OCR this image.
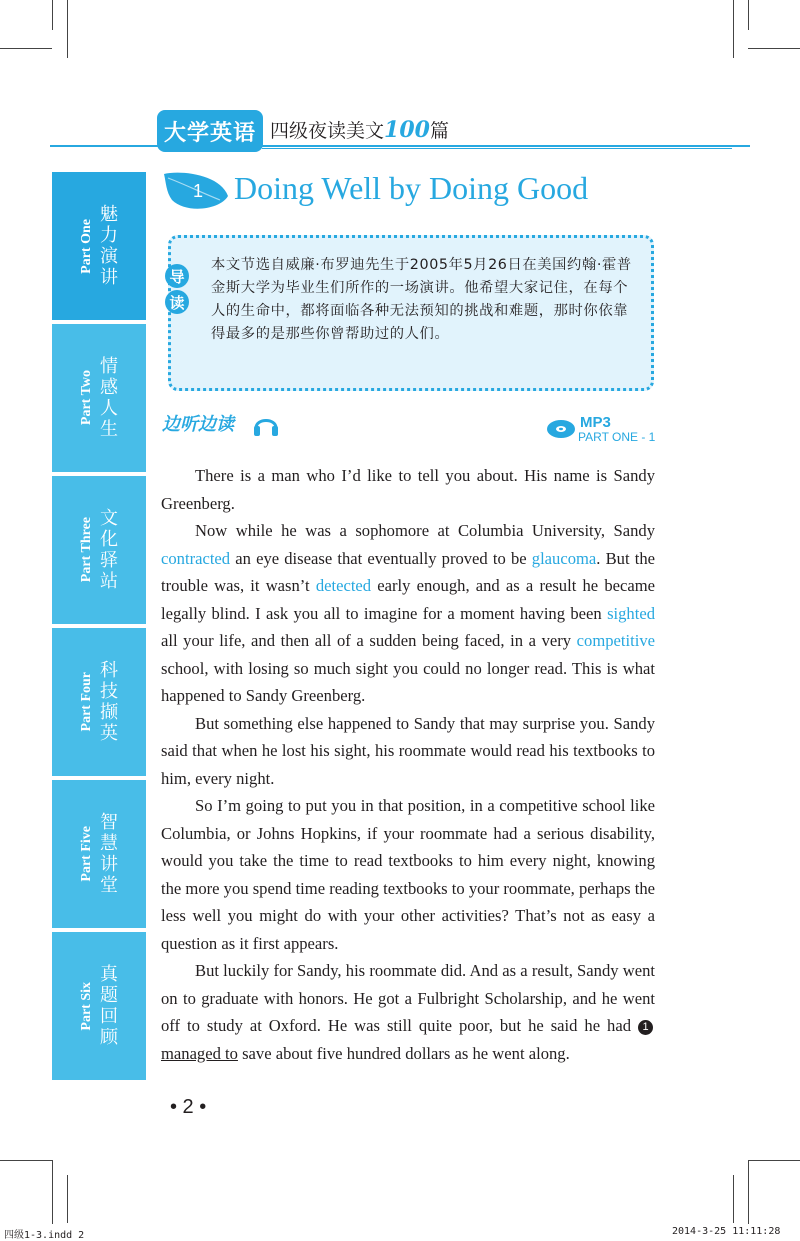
大学英语 四级夜读美文100篇
Part One
魅力演讲
Part Two
情感人生
Part Three 文化驿站
Part Four
科技撷英
Part Five
智慧讲堂
Part Six
真题回顾
1 Doing Well by Doing Good
导
读
本文节选自威廉·布罗迪先生于2005年5月26日在美国约翰·霍普金斯大学为毕业生们所作的一场演讲。他希望大家记住，在每个人的生命中，都将面临各种无法预知的挑战和难题，那时你依靠得最多的是那些你曾帮助过的人们。
边听边读	MP3
PART ONE - 1

There is a man who I’d like to tell you about. His name is Sandy Greenberg.

Now while he was a sophomore at Columbia University, Sandy contracted an eye disease that eventually proved to be glaucoma. But the trouble was, it wasn’t detected early enough, and as a result he became legally blind. I ask you all to imagine for a moment having been sighted all your life, and then all of a sudden being faced, in a very competitive school, with losing so much sight you could no longer read. This is what happened to Sandy Greenberg.

But something else happened to Sandy that may surprise you. Sandy said that when he lost his sight, his roommate would read his textbooks to him, every night.

So I’m going to put you in that position, in a competitive school like Columbia, or Johns Hopkins, if your roommate had a serious disability, would you take the time to read textbooks to him every night, knowing the more you spend time reading textbooks to your roommate, perhaps the less well you might do with your other activities? That’s not as easy a question as it first appears.

But luckily for Sandy, his roommate did. And as a result, Sandy went on to graduate with honors. He got a Fulbright Scholarship, and he went off to study at Oxford. He was still quite poor, but he said he had 1managed to save about five hundred dollars as he went along.

• 2 •
四级1-3.indd 2	2014-3-25 11:11:28
